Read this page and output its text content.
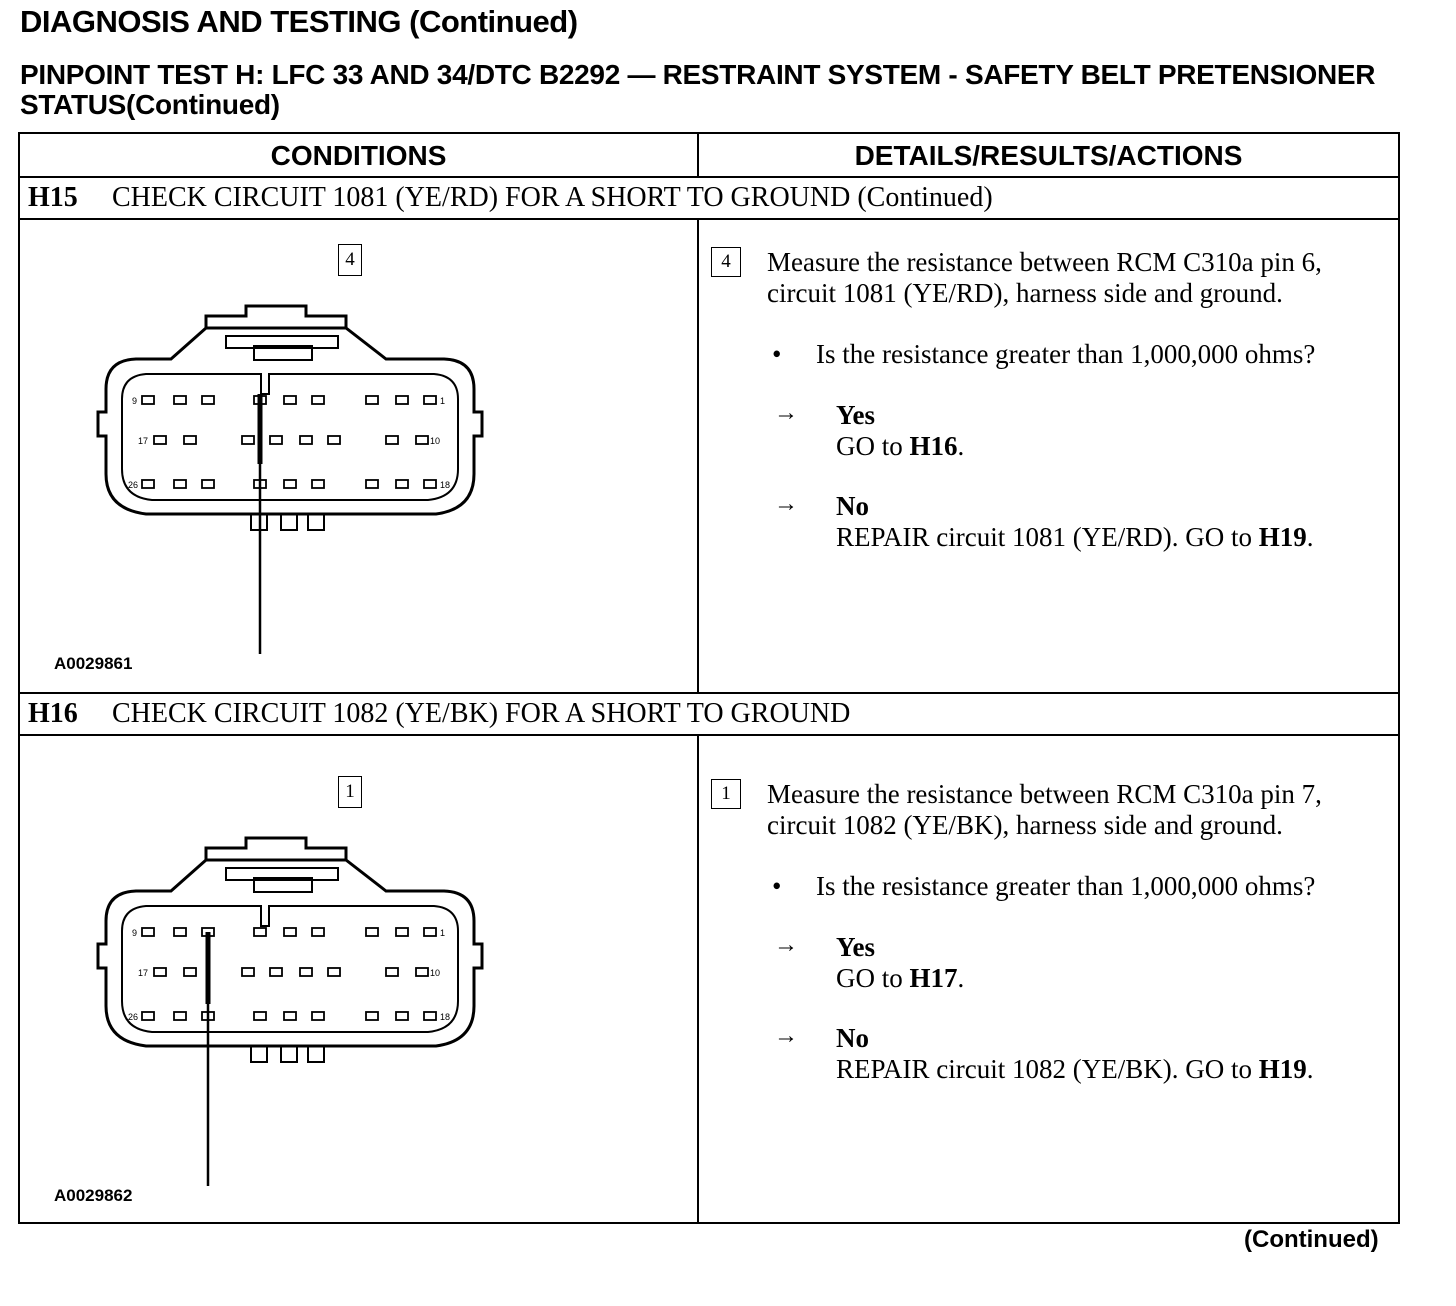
DIAGNOSIS AND TESTING (Continued)
PINPOINT TEST H: LFC 33 AND 34/DTC B2292 — RESTRAINT SYSTEM - SAFETY BELT PRETENSIONER STATUS(Continued)
CONDITIONS	DETAILS/RESULTS/ACTIONS
H15 CHECK CIRCUIT 1081 (YE/RD) FOR A SHORT TO GROUND (Continued)
4
9	1
17	10
26	18
A0029861
4	Measure the resistance between RCM C310a pin 6, circuit 1081 (YE/RD), harness side and ground.
• Is the resistance greater than 1,000,000 ohms?
→ Yes
GO to H16.
→ No
REPAIR circuit 1081 (YE/RD). GO to H19.
H16 CHECK CIRCUIT 1082 (YE/BK) FOR A SHORT TO GROUND
1
9	1
17	10
26	18
A0029862
1	Measure the resistance between RCM C310a pin 7, circuit 1082 (YE/BK), harness side and ground.
• Is the resistance greater than 1,000,000 ohms?
→ Yes
GO to H17.
→ No
REPAIR circuit 1082 (YE/BK). GO to H19.
(Continued)
